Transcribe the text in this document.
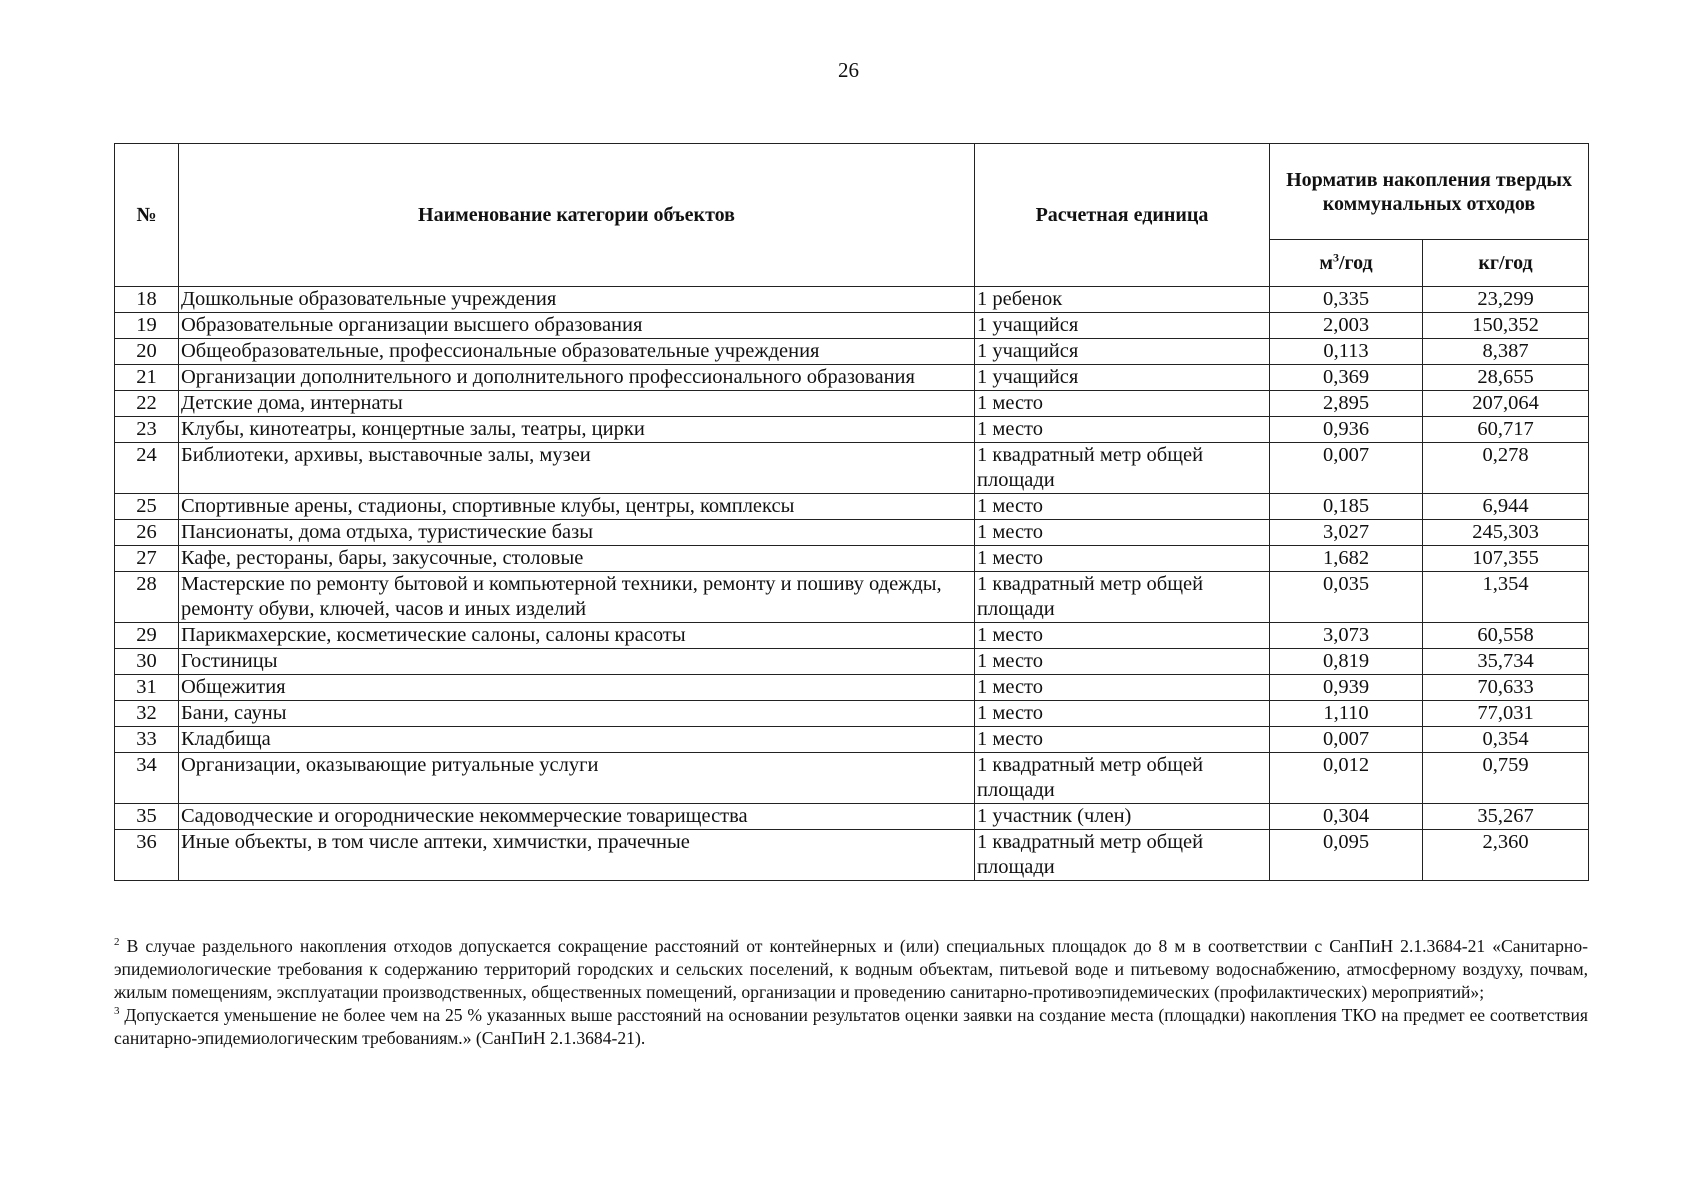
26
№	Наименование категории объектов	Расчетная единица	Норматив накопления твердых коммунальных отходов	
			$м^3$/год	кг/год
18	Дошкольные образовательные учреждения	1 ребенок	0,335	23,299
19	Образовательные организации высшего образования	1 учащийся	2,003	150,352
20	Общеобразовательные, профессиональные образовательные учреждения	1 учащийся	0,113	8,387
21	Организации дополнительного и дополнительного профессионального образования	1 учащийся	0,369	28,655
22	Детские дома, интернаты	1 место	2,895	207,064
23	Клубы, кинотеатры, концертные залы, театры, цирки	1 место	0,936	60,717
24	Библиотеки, архивы, выставочные залы, музеи	1 квадратный метр общей площади	0,007	0,278
25	Спортивные арены, стадионы, спортивные клубы, центры, комплексы	1 место	0,185	6,944
26	Пансионаты, дома отдыха, туристические базы	1 место	3,027	245,303
27	Кафе, рестораны, бары, закусочные, столовые	1 место	1,682	107,355
28	Мастерские по ремонту бытовой и компьютерной техники, ремонту и пошиву одежды, ремонту обуви, ключей, часов и иных изделий	1 квадратный метр общей площади	0,035	1,354
29	Парикмахерские, косметические салоны, салоны красоты	1 место	3,073	60,558
30	Гостиницы	1 место	0,819	35,734
31	Общежития	1 место	0,939	70,633
32	Бани, сауны	1 место	1,110	77,031
33	Кладбища	1 место	0,007	0,354
34	Организации, оказывающие ритуальные услуги	1 квадратный метр общей площади	0,012	0,759
35	Садоводческие и огороднические некоммерческие товарищества	1 участник (член)	0,304	35,267
36	Иные объекты, в том числе аптеки, химчистки, прачечные	1 квадратный метр общей площади	0,095	2,360

$^2$ В случае раздельного накопления отходов допускается сокращение расстояний от контейнерных и (или) специальных площадок до 8 м в соответствии с СанПиН 2.1.3684-21 «Санитарно-эпидемиологические требования к содержанию территорий городских и сельских поселений, к водным объектам, питьевой воде и питьевому водоснабжению, атмосферному воздуху, почвам, жилым помещениям, эксплуатации производственных, общественных помещений, организации и проведению санитарно-противоэпидемических (профилактических) мероприятий»;

$^3$ Допускается уменьшение не более чем на 25 % указанных выше расстояний на основании результатов оценки заявки на создание места (площадки) накопления ТКО на предмет ее соответствия санитарно-эпидемиологическим требованиям.» (СанПиН 2.1.3684-21).
